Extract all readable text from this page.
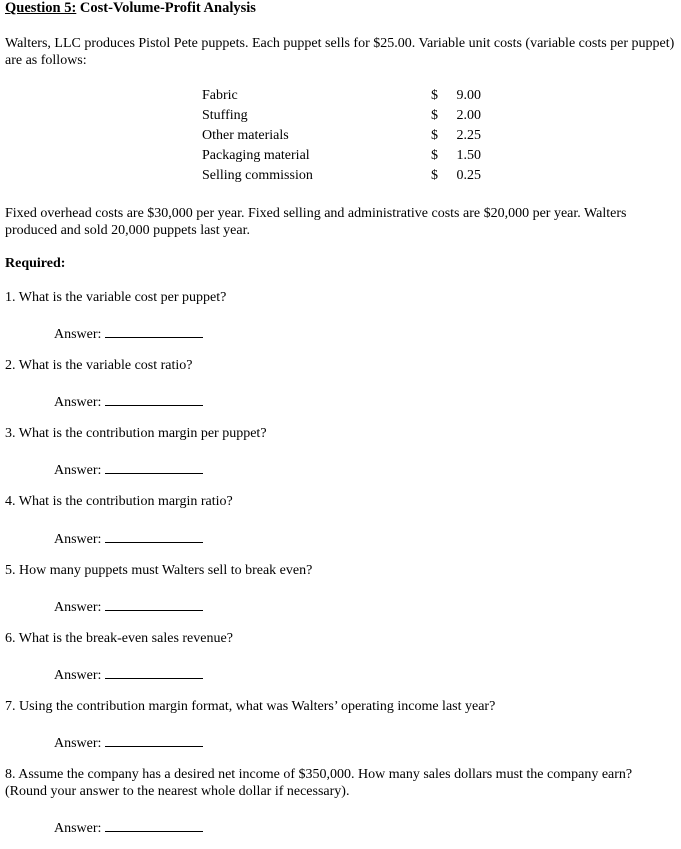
Question 5: Cost-Volume-Profit Analysis
Walters, LLC produces Pistol Pete puppets. Each puppet sells for $25.00. Variable unit costs (variable costs per puppet) are as follows:
Fabric	$ 9.00
Stuffing	$ 2.00
Other materials	$ 2.25
Packaging material	$ 1.50
Selling commission	$ 0.25
Fixed overhead costs are $30,000 per year. Fixed selling and administrative costs are $20,000 per year. Walters produced and sold 20,000 puppets last year.
Required:
1. What is the variable cost per puppet?
Answer:
2. What is the variable cost ratio?
Answer:
3. What is the contribution margin per puppet?
Answer:
4. What is the contribution margin ratio?
Answer:
5. How many puppets must Walters sell to break even?
Answer:
6. What is the break-even sales revenue?
Answer:
7. Using the contribution margin format, what was Walters’ operating income last year?
Answer:
8. Assume the company has a desired net income of $350,000. How many sales dollars must the company earn? (Round your answer to the nearest whole dollar if necessary).
Answer:
